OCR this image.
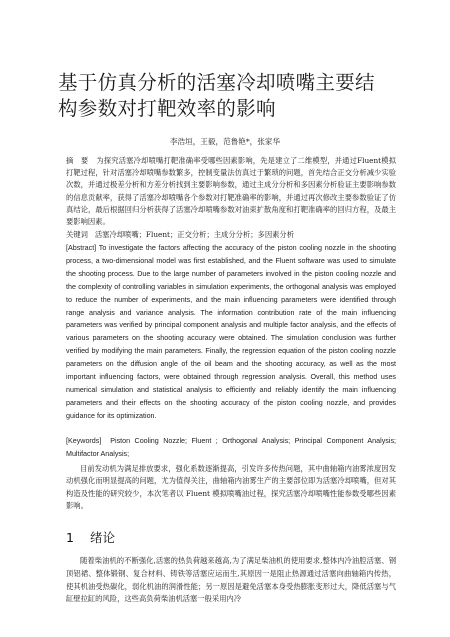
基于仿真分析的活塞冷却喷嘴主要结
构参数对打靶效率的影响
李浩垣，王毅，范鲁艳*，张家华
摘　要 为探究活塞冷却喷嘴打靶准确率受哪些因素影响，先是建立了二维模型，并通过Fluent模拟打靶过程，针对活塞冷却喷嘴参数繁多，控制变量法仿真过于繁琐的问题，首先结合正交分析减少实验次数，并通过极差分析和方差分析找到主要影响参数，通过主成分分析和多因素分析验证主要影响参数的信息贡献率，获得了活塞冷却喷嘴各个参数对打靶准确率的影响，并通过再次修改主要参数验证了仿真结论，最后根据回归分析获得了活塞冷却喷嘴参数对油束扩散角度和打靶准确率的回归方程，及最主要影响因素。
关键词 活塞冷却喷嘴；Fluent；正交分析；主成分分析；多因素分析
[Abstract] To investigate the factors affecting the accuracy of the piston cooling nozzle in the shooting process, a two-dimensional model was first established, and the Fluent software was used to simulate the shooting process. Due to the large number of parameters involved in the piston cooling nozzle and the complexity of controlling variables in simulation experiments, the orthogonal analysis was employed to reduce the number of experiments, and the main influencing parameters were identified through range analysis and variance analysis. The information contribution rate of the main influencing parameters was verified by principal component analysis and multiple factor analysis, and the effects of various parameters on the shooting accuracy were obtained. The simulation conclusion was further verified by modifying the main parameters. Finally, the regression equation of the piston cooling nozzle parameters on the diffusion angle of the oil beam and the shooting accuracy, as well as the most important influencing factors, were obtained through regression analysis. Overall, this method uses numerical simulation and statistical analysis to efficiently and reliably identify the main influencing parameters and their effects on the shooting accuracy of the piston cooling nozzle, and provides guidance for its optimization.
[Keywords] Piston Cooling Nozzle; Fluent ; Orthogonal Analysis; Principal Component Analysis; Multifactor Analysis;
目前发动机为满足排放要求，强化系数逐渐提高，引发许多传热问题，其中曲轴箱内油雾浓度因发动机强化而明显提高的问题，尤为值得关注，曲轴箱内油雾生产的主要部位即为活塞冷却喷嘴，但对其构造及性能的研究较少，本次笔者以 Fluent 模拟喷嘴油过程，探究活塞冷却喷嘴性能参数受哪些因素影响。
1 绪论
随着柴油机的不断强化,活塞的热负荷越来越高,为了满足柴油机的使用要求,整体内冷油腔活塞、钢顶铝裙、整体锻钢、复合材料、铸铁等活塞应运而生,其原因一是阻止热源通过活塞向曲轴箱内传热，使其机油受热碳化，弱化机油的润滑性能；另一原因是避免活塞本身受热膨胀变形过大，降低活塞与气缸壁拉缸的风险，这些高负荷柴油机活塞一般采用内冷
